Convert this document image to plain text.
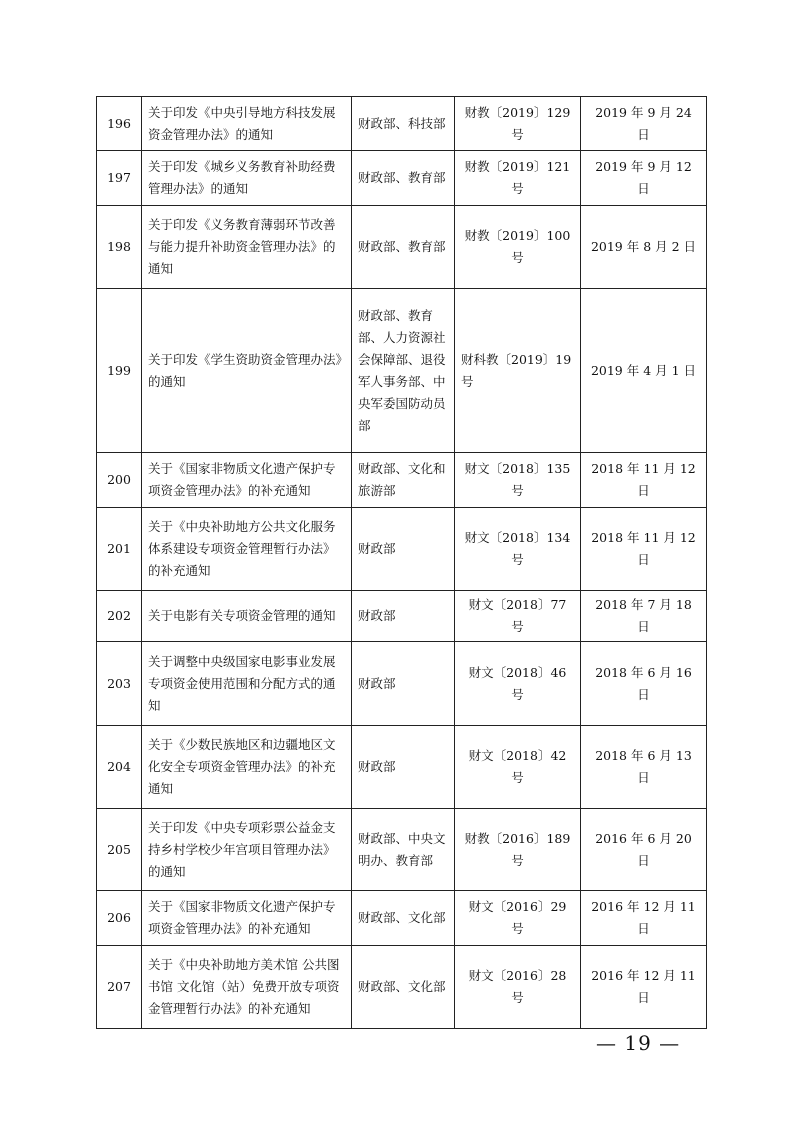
196	关于印发《中央引导地方科技发展资金管理办法》的通知	财政部、科技部	财教〔2019〕129 号	2019 年 9 月 24 日
197	关于印发《城乡义务教育补助经费管理办法》的通知	财政部、教育部	财教〔2019〕121 号	2019 年 9 月 12 日
198	关于印发《义务教育薄弱环节改善与能力提升补助资金管理办法》的通知	财政部、教育部	财教〔2019〕100 号	2019 年 8 月 2 日
199	关于印发《学生资助资金管理办法》的通知	财政部、教育部、人力资源社会保障部、退役军人事务部、中央军委国防动员部	财科教〔2019〕19 号	2019 年 4 月 1 日
200	关于《国家非物质文化遗产保护专项资金管理办法》的补充通知	财政部、文化和旅游部	财文〔2018〕135 号	2018 年 11 月 12 日
201	关于《中央补助地方公共文化服务体系建设专项资金管理暂行办法》的补充通知	财政部	财文〔2018〕134 号	2018 年 11 月 12 日
202	关于电影有关专项资金管理的通知	财政部	财文〔2018〕77 号	2018 年 7 月 18 日
203	关于调整中央级国家电影事业发展专项资金使用范围和分配方式的通知	财政部	财文〔2018〕46 号	2018 年 6 月 16 日
204	关于《少数民族地区和边疆地区文化安全专项资金管理办法》的补充通知	财政部	财文〔2018〕42 号	2018 年 6 月 13 日
205	关于印发《中央专项彩票公益金支持乡村学校少年宫项目管理办法》的通知	财政部、中央文明办、教育部	财教〔2016〕189 号	2016 年 6 月 20 日
206	关于《国家非物质文化遗产保护专项资金管理办法》的补充通知	财政部、文化部	财文〔2016〕29 号	2016 年 12 月 11 日
207	关于《中央补助地方美术馆 公共图书馆 文化馆（站）免费开放专项资金管理暂行办法》的补充通知	财政部、文化部	财文〔2016〕28 号	2016 年 12 月 11 日
— 19 —
